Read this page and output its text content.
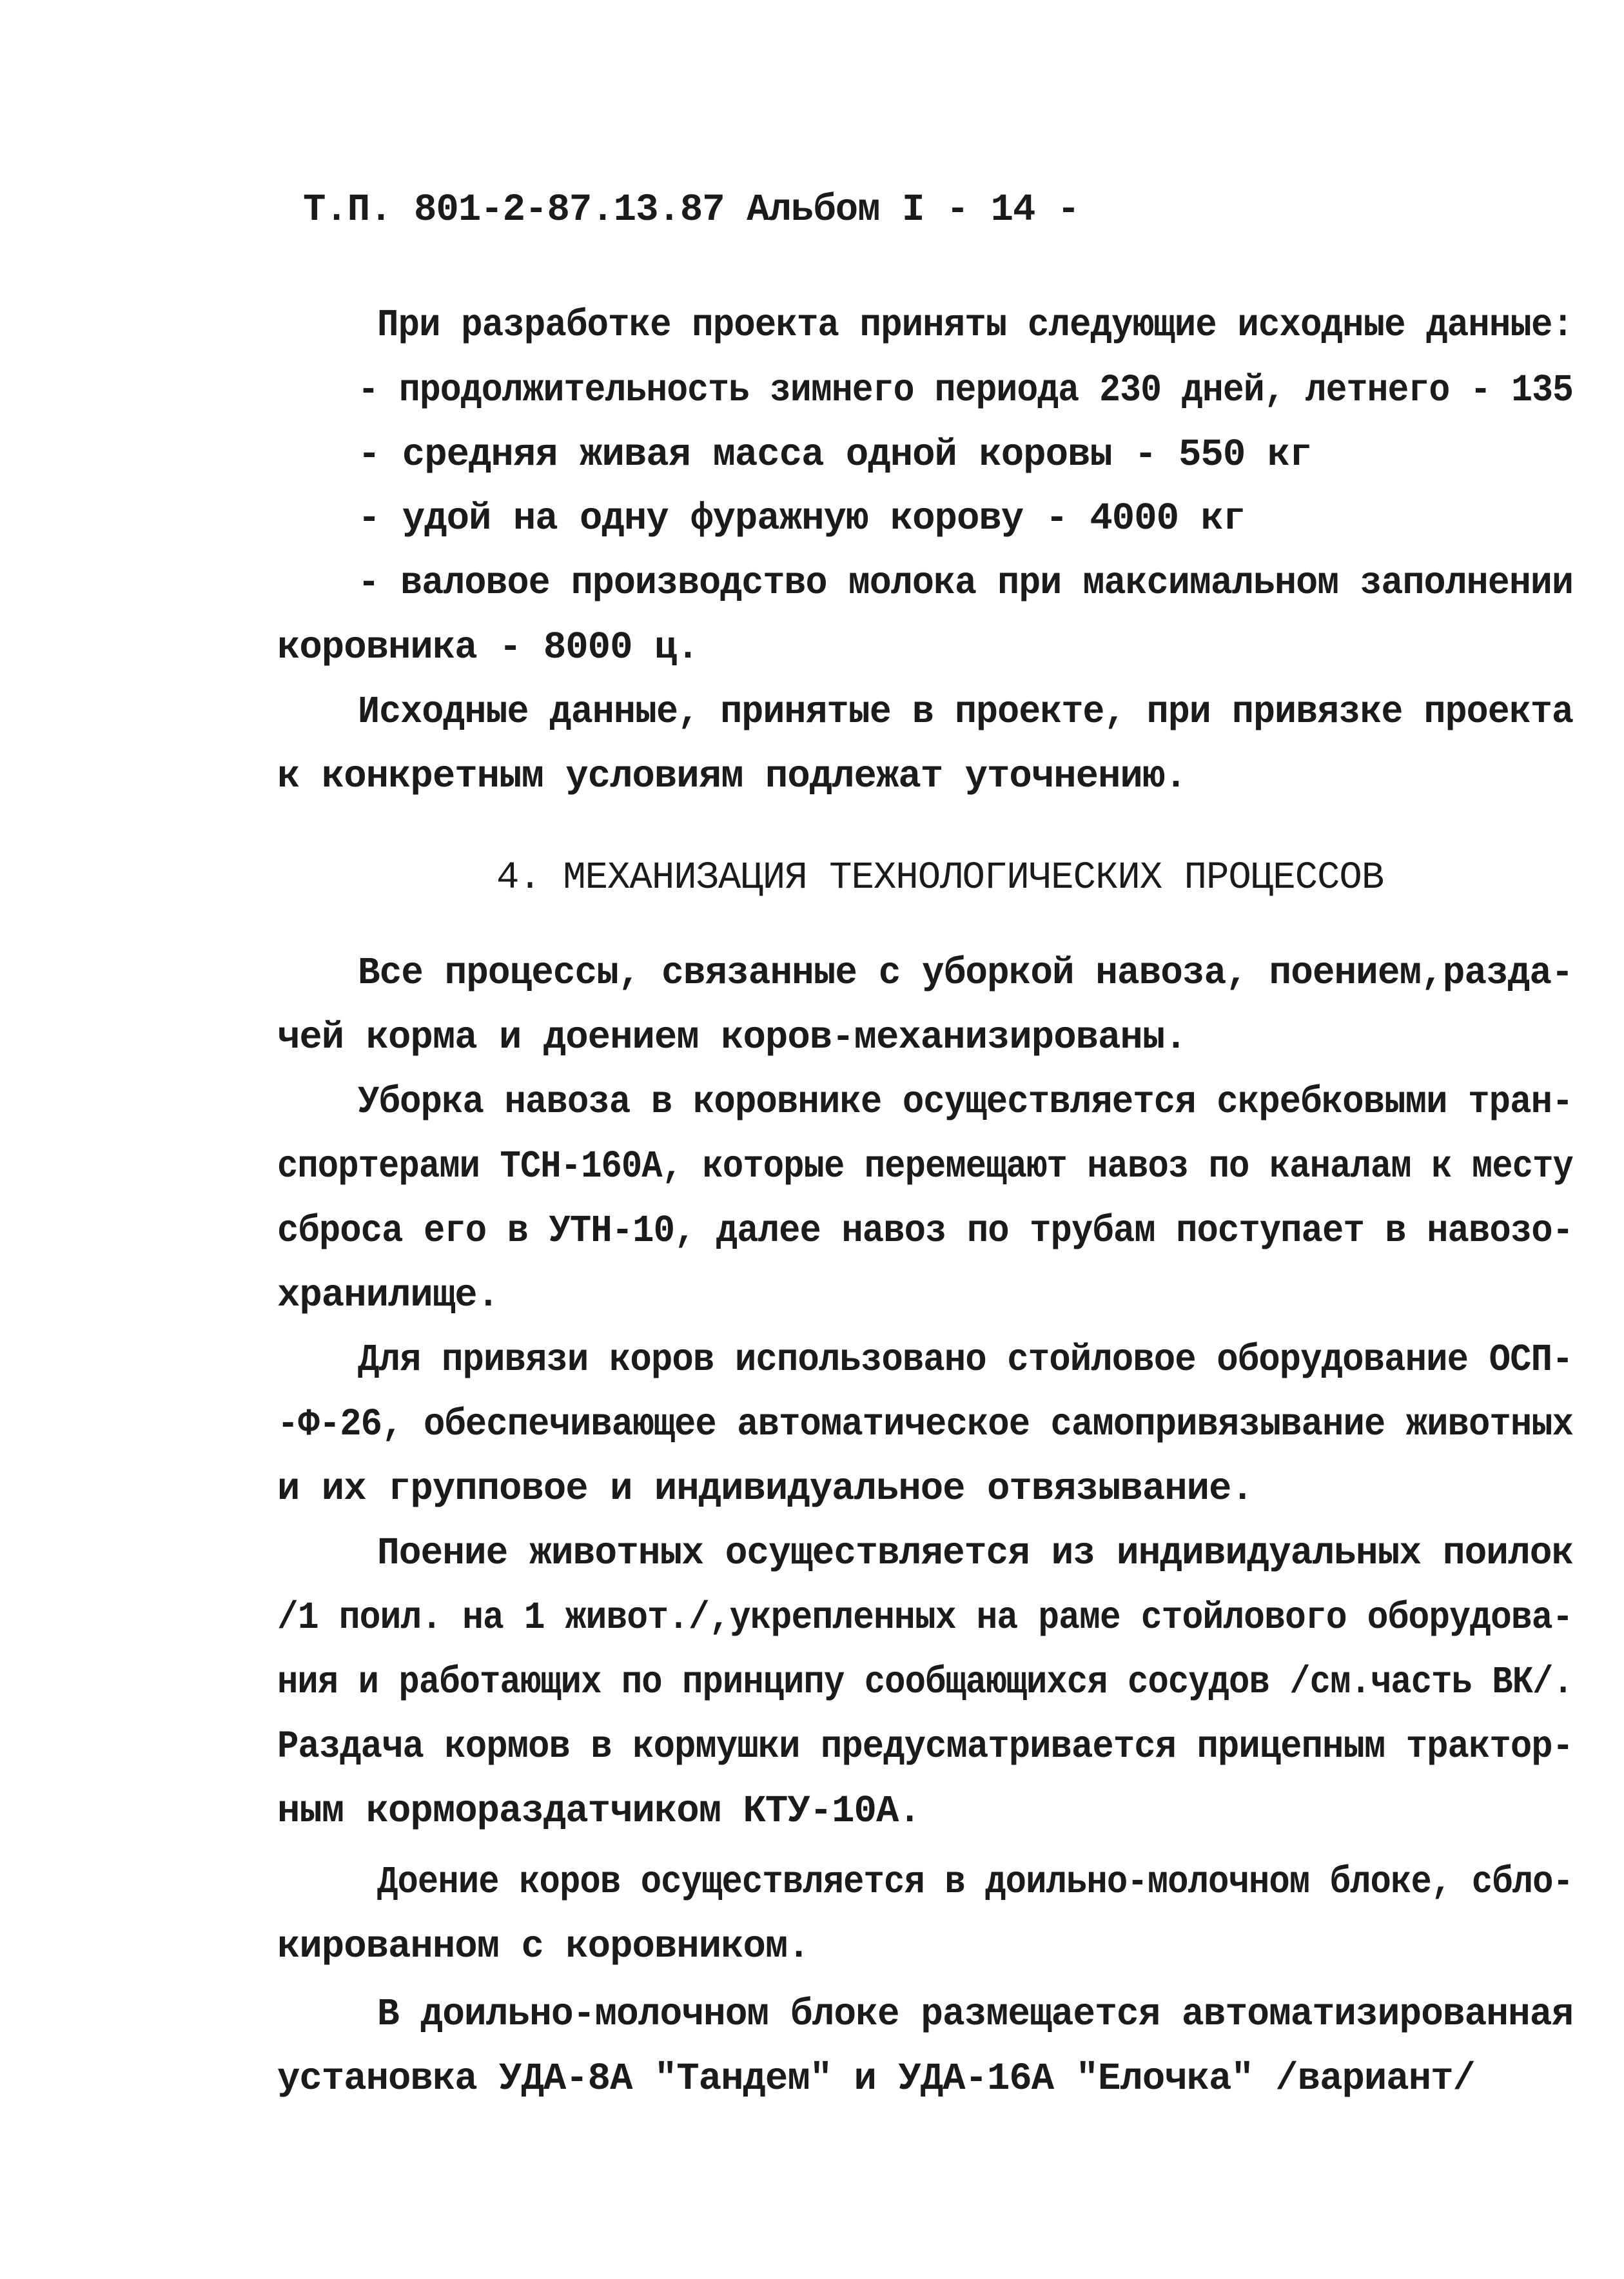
Т.П. 801-2-87.13.87 Альбом I - 14 -
При разработке проекта приняты следующие исходные данные:
- продолжительность зимнего периода 230 дней, летнего - 135
- средняя живая масса одной коровы - 550 кг
- удой на одну фуражную корову - 4000 кг
- валовое производство молока при максимальном заполнении
коровника - 8000 ц.
Исходные данные, принятые в проекте, при привязке проекта
к конкретным условиям подлежат уточнению.
4. МЕХАНИЗАЦИЯ ТЕХНОЛОГИЧЕСКИХ ПРОЦЕССОВ
Все процессы, связанные с уборкой навоза, поением,разда-
чей корма и доением коров-механизированы.
Уборка навоза в коровнике осуществляется скребковыми тран-
спортерами ТСН-160А, которые перемещают навоз по каналам к месту
сброса его в УТН-10, далее навоз по трубам поступает в навозо-
хранилище.
Для привязи коров использовано стойловое оборудование ОСП-
-Ф-26, обеспечивающее автоматическое самопривязывание животных
и их групповое и индивидуальное отвязывание.
Поение животных осуществляется из индивидуальных поилок
/1 поил. на 1 живот./,укрепленных на раме стойлового оборудова-
ния и работающих по принципу сообщающихся сосудов /см.часть ВК/.
Раздача кормов в кормушки предусматривается прицепным трактор-
ным кормораздатчиком КТУ-10А.
Доение коров осуществляется в доильно-молочном блоке, сбло-
кированном с коровником.
В доильно-молочном блоке размещается автоматизированная
установка УДА-8А "Тандем" и УДА-16А "Елочка" /вариант/
